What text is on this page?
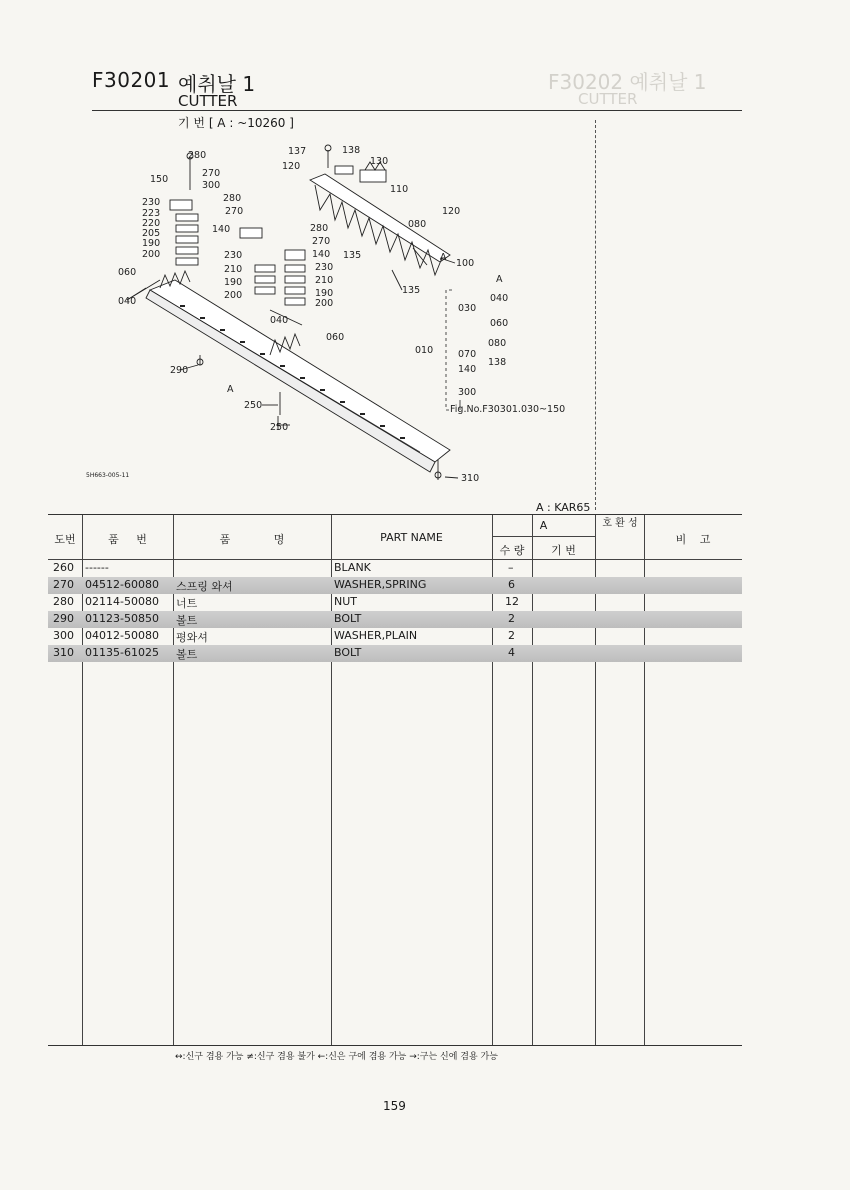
F30202 예취날 1
CUTTER
F30201 예취날 1
CUTTER
기 번 [ A : ~10260 ]
280
270
150
300
230
223
220
205
190
200
060
040
137	138
120	130
110
280
270
140	280
270
140
230
210
190
200
230
210
190
200
135
080
120
100
135
040
060
290
250
250
310
A
A
030
040
060
010	070
080
138
140
300
A
Fig.No.F30301.030~150
5H663-005-11
A : KAR65
도번	품 번	품 명	PART NAME
A
수 량	기 번
호 환 성
비 고
260 ------	BLANK	–
270 04512-60080 스프링 와셔	WASHER,SPRING	6
280 02114-50080 너트	NUT	12
290 01123-50850 볼트	BOLT	2
300 04012-50080 평와셔	WASHER,PLAIN	2
310 01135-61025 볼트	BOLT	4
↔:신구 겸용 가능 ≠:신구 겸용 불가 ←:신은 구에 겸용 가능 →:구는 신에 겸용 가능
159
